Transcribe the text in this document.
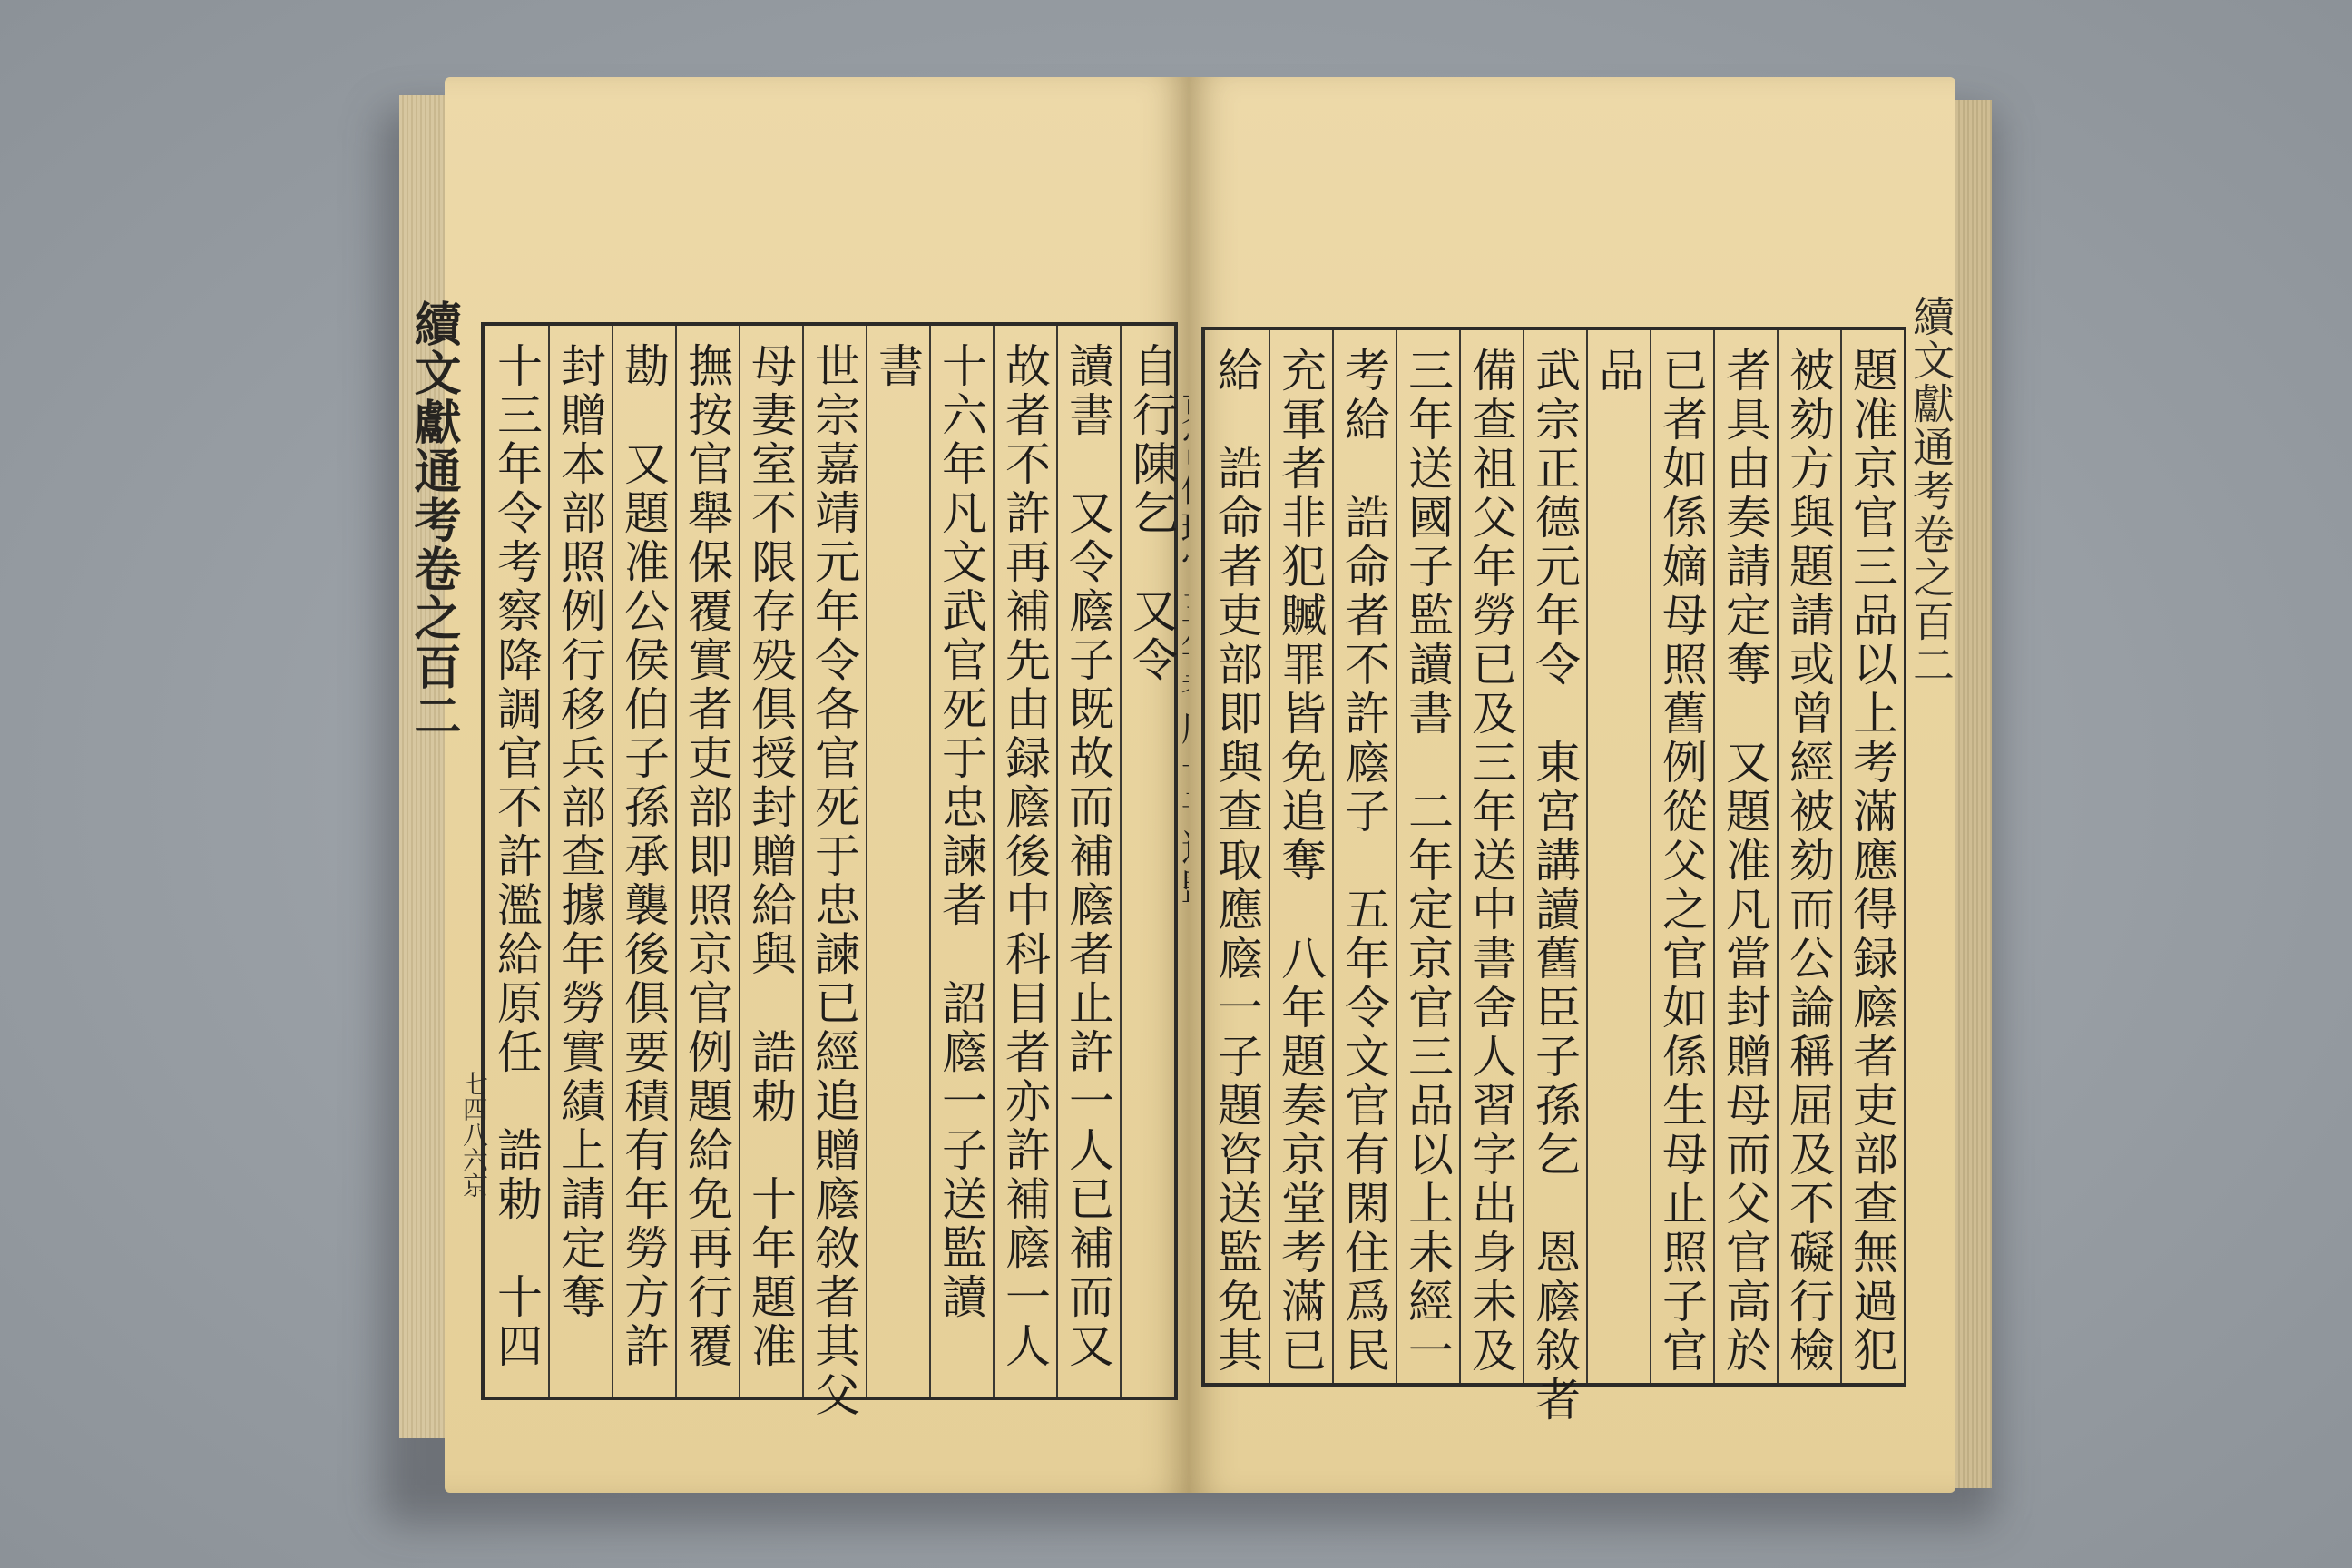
自行陳乞　又令
讀書　又令廕子既故而補廕者止許一人已補而又
故者不許再補先由録廕後中科目者亦許補廕一人
十六年凡文武官死于忠諫者　詔廕一子送監讀
書
世宗嘉靖元年令各官死于忠諫已經追贈廕敘者其父
母妻室不限存殁俱授封贈給與　誥勅　十年題准
撫按官舉保覆實者吏部即照京官例題給免再行覆
勘　又題准公侯伯子孫承襲後俱要積有年勞方許
封贈本部照例行移兵部查據年勞實績上請定奪
十三年令考察降調官不許濫給原任　誥勅　十四
續文獻通考卷之百二
七四八六京	題准京官三品以上考滿應得録廕者吏部查無過犯
被劾方與題請或曾經被劾而公論稱屈及不礙行檢
者具由奏請定奪　又題准凡當封贈母而父官高於
已者如係嫡母照舊例從父之官如係生母止照子官
品
武宗正德元年令　東宮講讀舊臣子孫乞　恩廕敘者
備查祖父年勞已及三年送中書舍人習字出身未及
三年送國子監讀書　二年定京官三品以上未經一
考給　誥命者不許廕子　五年令文官有閑住爲民
充軍者非犯贓罪皆免追奪　八年題奏京堂考滿已
給　誥命者吏部即與查取應廕一子題咨送監免其	續文獻通考卷之百二
